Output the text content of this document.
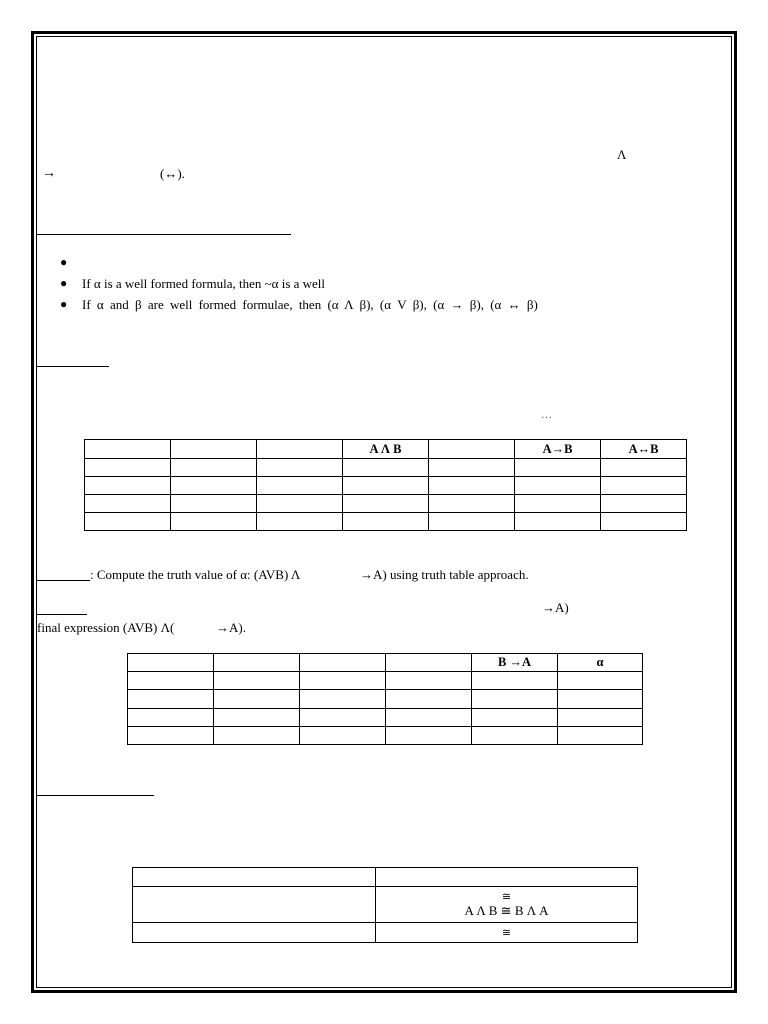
Λ
→	(↔).
●
● If α is a well formed formula, then ~α is a well
● If α and β are well formed formulae, then (α Λ β), (α V β), (α → β), (α ↔ β)
…
			A Λ B		A→B	A↔B

: Compute the truth value of α: (AVB) Λ	→A) using truth table approach.
→A)
final expression (AVB) Λ(	→A).
				B →A	α

	≅
A Λ B ≅ B Λ A

	≅
